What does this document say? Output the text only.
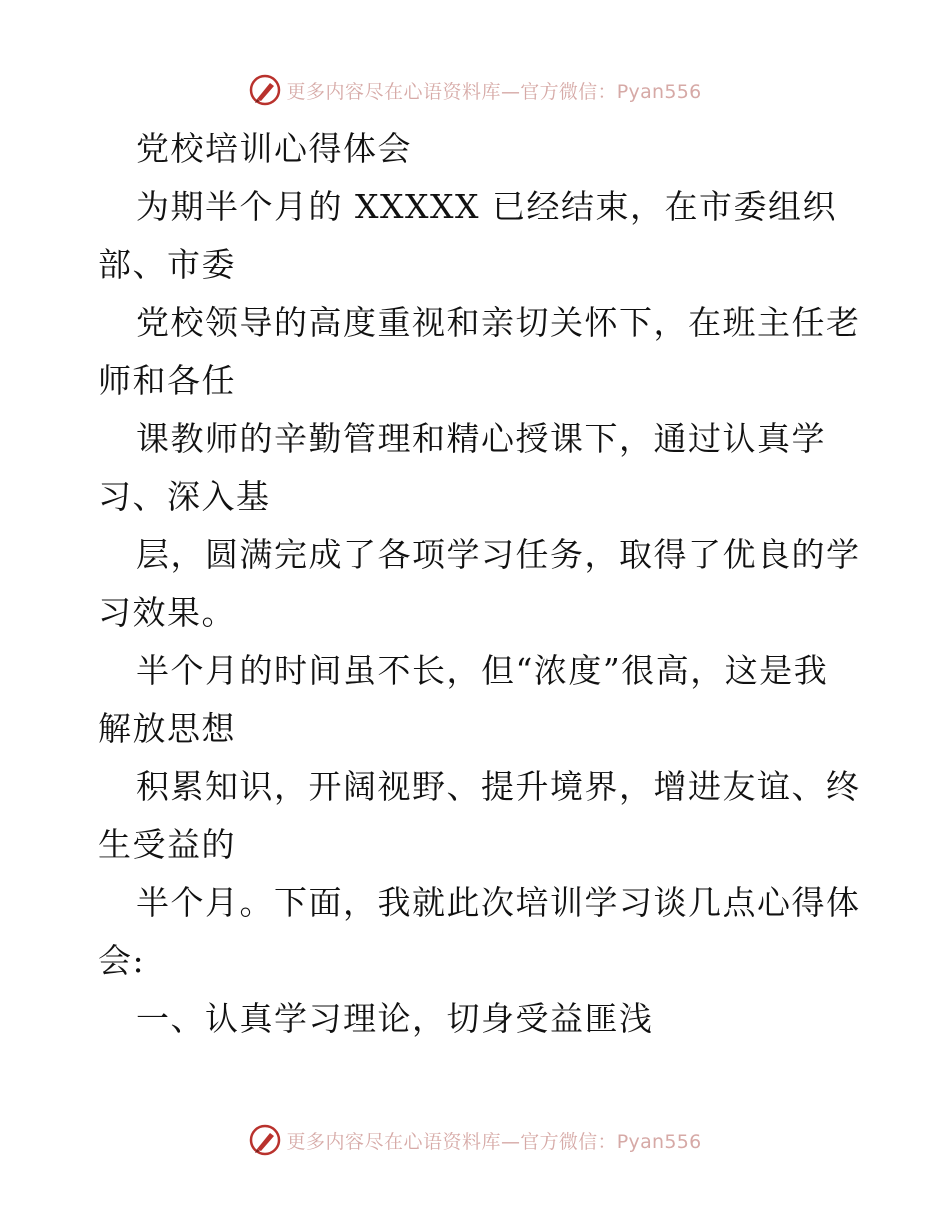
更多内容尽在心语资料库 —官方微信：Pyan556
党校培训心得体会
为期半个月的 XXXXX 已经结束，在市委组织
部、市委
党校领导的高度重视和亲切关怀下，在班主任老
师和各任
课教师的辛勤管理和精心授课下，通过认真学
习、深入基
层，圆满完成了各项学习任务，取得了优良的学
习效果。
半个月的时间虽不长，但“浓度”很高，这是我
解放思想
积累知识，开阔视野、提升境界，增进友谊、终
生受益的
半个月。下面，我就此次培训学习谈几点心得体
会:
一、认真学习理论，切身受益匪浅
更多内容尽在心语资料库 —官方微信：Pyan556
